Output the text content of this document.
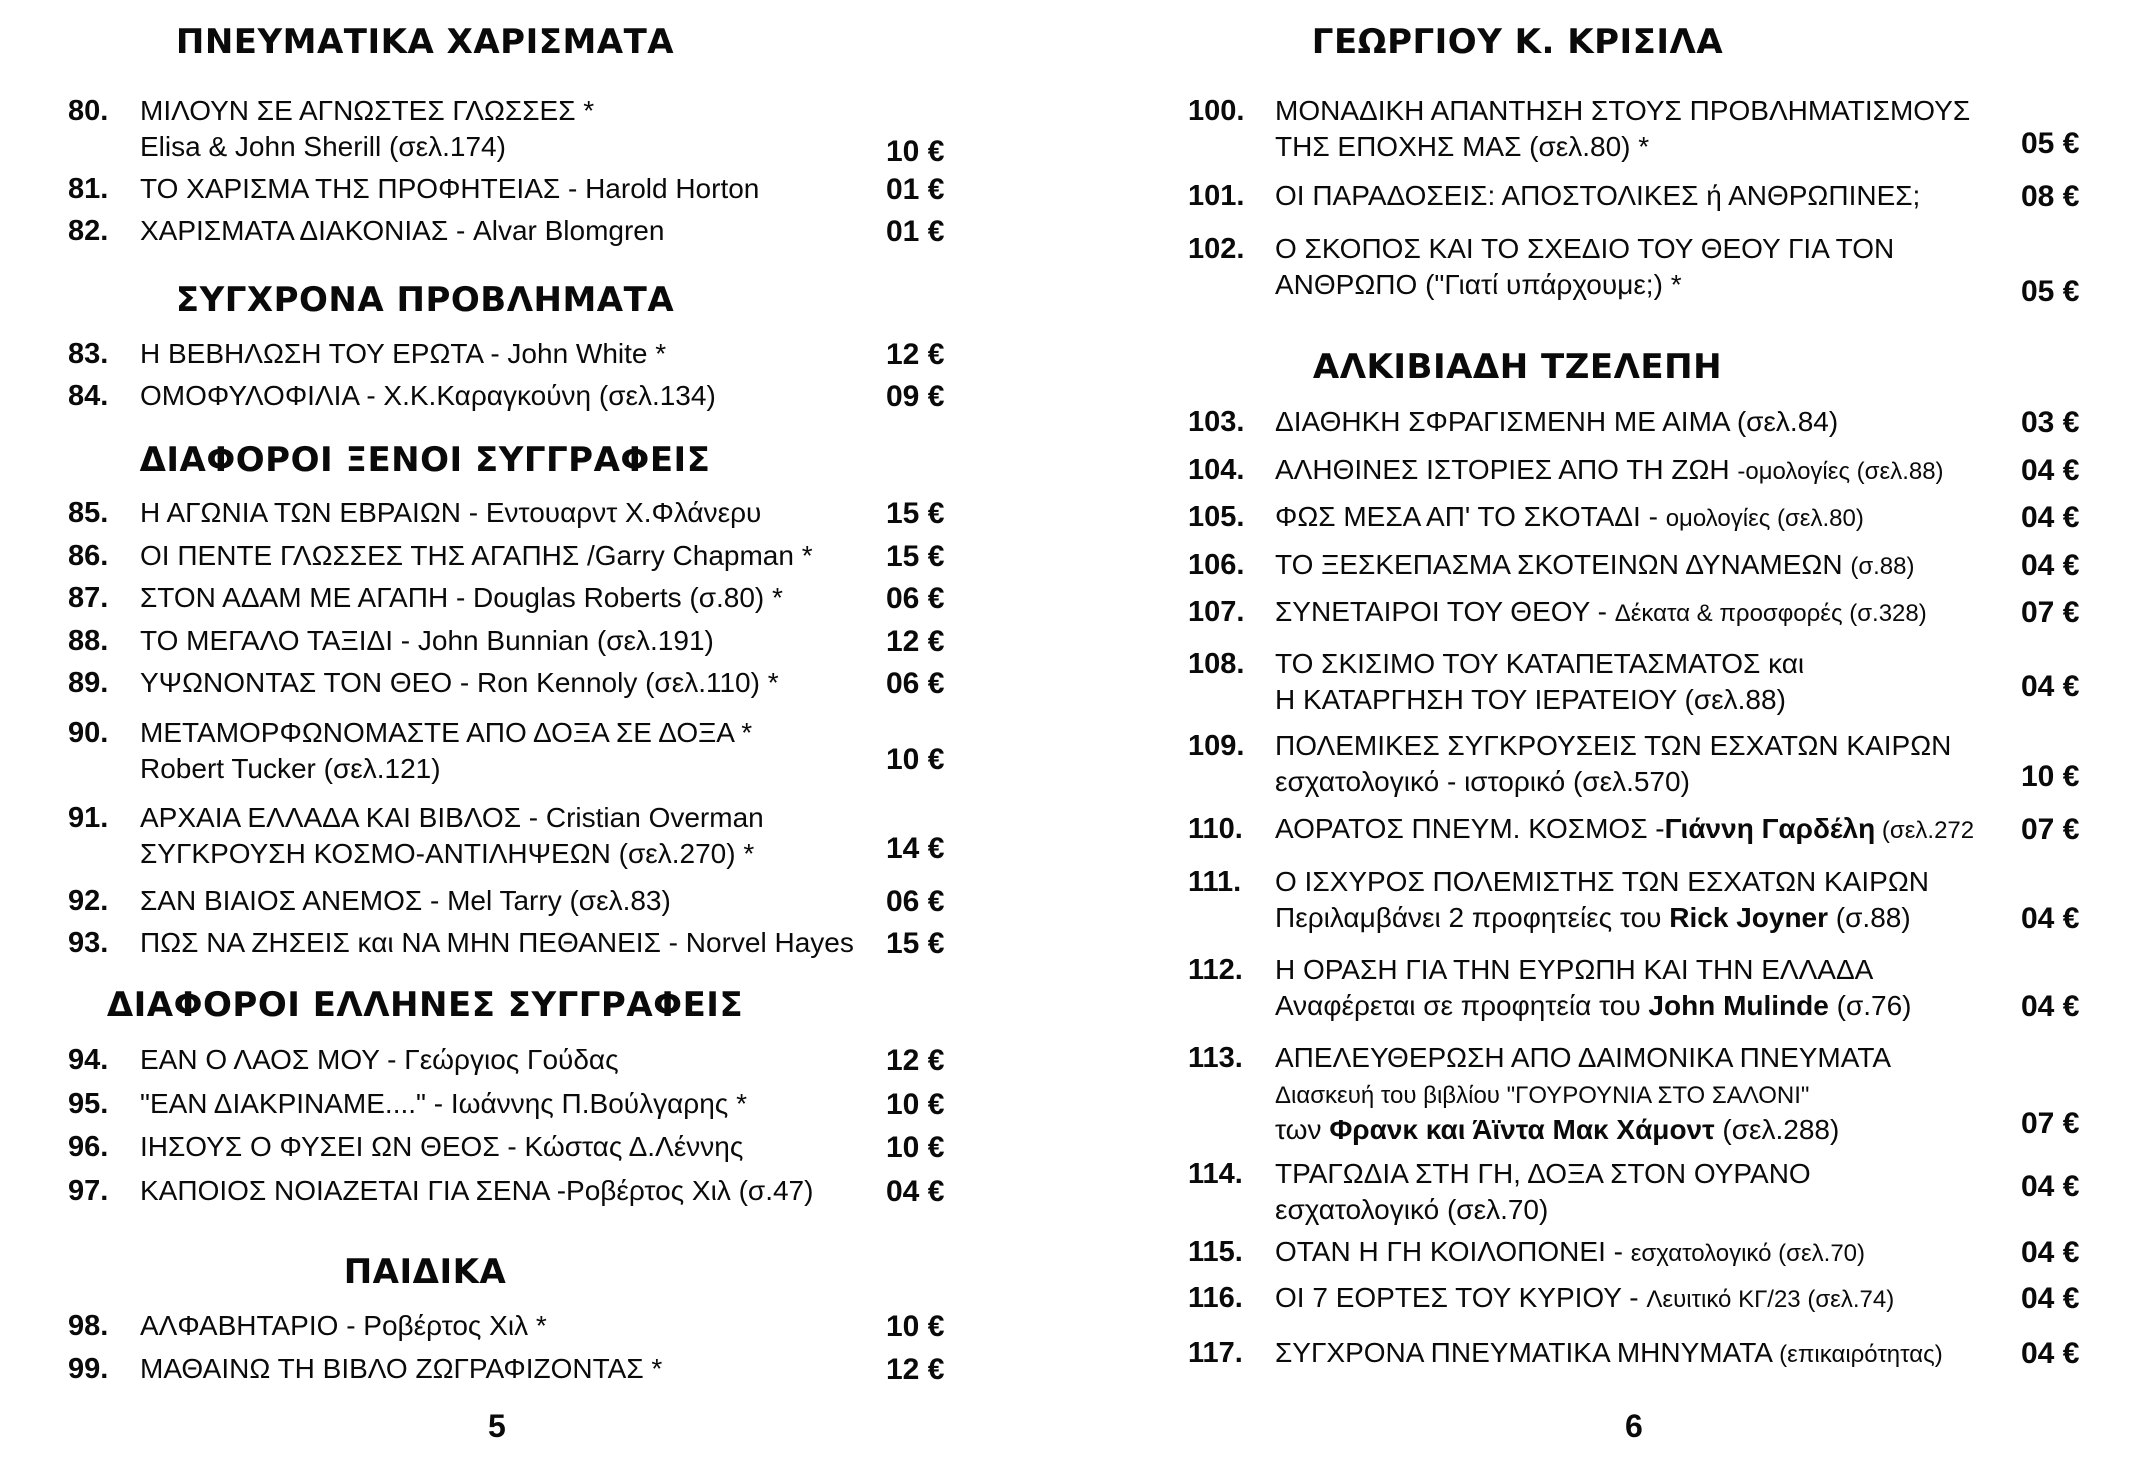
ΠΝΕΥΜΑΤΙΚΑ ΧΑΡΙΣΜΑΤΑ
ΣΥΓΧΡΟΝΑ ΠΡΟΒΛΗΜΑΤΑ
ΔΙΑΦΟΡΟΙ ΞΕΝΟΙ ΣΥΓΓΡΑΦΕΙΣ
ΔΙΑΦΟΡΟΙ ΕΛΛΗΝΕΣ ΣΥΓΓΡΑΦΕΙΣ
ΠΑΙΔΙΚΑ
80. ΜΙΛΟΥΝ ΣΕ ΑΓΝΩΣΤΕΣ ΓΛΩΣΣΕΣ *
Elisa & John Sherill (σελ.174)	10 €
81. ΤΟ ΧΑΡΙΣΜΑ ΤΗΣ ΠΡΟΦΗΤΕΙΑΣ - Harold Horton	01 €
82. ΧΑΡΙΣΜΑΤΑ ΔΙΑΚΟΝΙΑΣ - Alvar Blomgren	01 €
83. Η ΒΕΒΗΛΩΣΗ ΤΟΥ ΕΡΩΤΑ - John White *	12 €
84. ΟΜΟΦΥΛΟΦΙΛΙΑ - Χ.Κ.Καραγκούνη (σελ.134)	09 €
85. Η ΑΓΩΝΙΑ ΤΩΝ ΕΒΡΑΙΩΝ - Εντουαρντ Χ.Φλάνερυ	15 €
86. ΟΙ ΠΕΝΤΕ ΓΛΩΣΣΕΣ ΤΗΣ ΑΓΑΠΗΣ /Garry Chapman * 15 €
87. ΣΤΟΝ ΑΔΑΜ ΜΕ ΑΓΑΠΗ - Douglas Roberts (σ.80) *	06 €
88. ΤΟ ΜΕΓΑΛΟ ΤΑΞΙΔΙ - John Bunnian (σελ.191)	12 €
89. ΥΨΩΝΟΝΤΑΣ ΤΟΝ ΘΕΟ - Ron Kennoly (σελ.110) *	06 €
90. ΜΕΤΑΜΟΡΦΩΝΟΜΑΣΤΕ ΑΠΟ ΔΟΞΑ ΣΕ ΔΟΞΑ *
Robert Tucker (σελ.121)	10 €
91. ΑΡΧΑΙΑ ΕΛΛΑΔΑ ΚΑΙ ΒΙΒΛΟΣ - Cristian Overman
ΣΥΓΚΡΟΥΣΗ ΚΟΣΜΟ-ΑΝΤΙΛΗΨΕΩΝ (σελ.270) *	14 €
92. ΣΑΝ ΒΙΑΙΟΣ ΑΝΕΜΟΣ - Mel Tarry (σελ.83)	06 €
93. ΠΩΣ ΝΑ ΖΗΣΕΙΣ και ΝΑ ΜΗΝ ΠΕΘΑΝΕΙΣ - Norvel Hayes 15 €
94. ΕΑΝ Ο ΛΑΟΣ ΜΟΥ - Γεώργιος Γούδας	12 €
95. "ΕΑΝ ΔΙΑΚΡΙΝΑΜΕ...." - Ιωάννης Π.Βούλγαρης *	10 €
96. ΙΗΣΟΥΣ Ο ΦΥΣΕΙ ΩΝ ΘΕΟΣ - Κώστας Δ.Λέννης	10 €
97. ΚΑΠΟΙΟΣ ΝΟΙΑΖΕΤΑΙ ΓΙΑ ΣΕΝΑ -Ροβέρτος Χιλ (σ.47) 04 €
98. ΑΛΦΑΒΗΤΑΡΙΟ - Ροβέρτος Χιλ *	10 €
99. ΜΑΘΑΙΝΩ ΤΗ ΒΙΒΛΟ ΖΩΓΡΑΦΙΖΟΝΤΑΣ *	12 €
5
ΓΕΩΡΓΙΟΥ Κ. ΚΡΙΣΙΛΑ
ΑΛΚΙΒΙΑΔΗ ΤΖΕΛΕΠΗ
100. ΜΟΝΑΔΙΚΗ ΑΠΑΝΤΗΣΗ ΣΤΟΥΣ ΠΡΟΒΛΗΜΑΤΙΣΜΟΥΣ
ΤΗΣ ΕΠΟΧΗΣ ΜΑΣ (σελ.80) *	05 €
101. ΟΙ ΠΑΡΑΔΟΣΕΙΣ: ΑΠΟΣΤΟΛΙΚΕΣ ή ΑΝΘΡΩΠΙΝΕΣ;	08 €
102. Ο ΣΚΟΠΟΣ ΚΑΙ ΤΟ ΣΧΕΔΙΟ ΤΟΥ ΘΕΟΥ ΓΙΑ ΤΟΝ
ΑΝΘΡΩΠΟ ("Γιατί υπάρχουμε;) *	05 €
103. ΔΙΑΘΗΚΗ ΣΦΡΑΓΙΣΜΕΝΗ ΜΕ ΑΙΜΑ (σελ.84)	03 €
104. ΑΛΗΘΙΝΕΣ ΙΣΤΟΡΙΕΣ ΑΠΟ ΤΗ ΖΩΗ -ομολογίες (σελ.88)	04 €
105. ΦΩΣ ΜΕΣΑ ΑΠ' ΤΟ ΣΚΟΤΑΔΙ - ομολογίες (σελ.80)	04 €
106. ΤΟ ΞΕΣΚΕΠΑΣΜΑ ΣΚΟΤΕΙΝΩΝ ΔΥΝΑΜΕΩΝ (σ.88)	04 €
107. ΣΥΝΕΤΑΙΡΟΙ ΤΟΥ ΘΕΟΥ - Δέκατα & προσφορές (σ.328)	07 €
108. ΤΟ ΣΚΙΣΙΜΟ ΤΟΥ ΚΑΤΑΠΕΤΑΣΜΑΤΟΣ και
Η ΚΑΤΑΡΓΗΣΗ ΤΟΥ ΙΕΡΑΤΕΙΟΥ (σελ.88)	04 €
109. ΠΟΛΕΜΙΚΕΣ ΣΥΓΚΡΟΥΣΕΙΣ ΤΩΝ ΕΣΧΑΤΩΝ ΚΑΙΡΩΝ
εσχατολογικό - ιστορικό (σελ.570)	10 €
110. ΑΟΡΑΤΟΣ ΠΝΕΥΜ. ΚΟΣΜΟΣ -Γιάννη Γαρδέλη (σελ.272 07 €
111. Ο ΙΣΧΥΡΟΣ ΠΟΛΕΜΙΣΤΗΣ ΤΩΝ ΕΣΧΑΤΩΝ ΚΑΙΡΩΝ
Περιλαμβάνει 2 προφητείες του Rick Joyner (σ.88)	04 €
112. Η ΟΡΑΣΗ ΓΙΑ ΤΗΝ ΕΥΡΩΠΗ ΚΑΙ ΤΗΝ ΕΛΛΑΔΑ
Αναφέρεται σε προφητεία του John Mulinde (σ.76)	04 €
113. ΑΠΕΛΕΥΘΕΡΩΣΗ ΑΠΟ ΔΑΙΜΟΝΙΚΑ ΠΝΕΥΜΑΤΑ
Διασκευή του βιβλίου "ΓΟΥΡΟΥΝΙΑ ΣΤΟ ΣΑΛΟΝΙ"
των Φρανκ και Άϊντα Μακ Χάμοντ (σελ.288)	07 €
114. ΤΡΑΓΩΔΙΑ ΣΤΗ ΓΗ, ΔΟΞΑ ΣΤΟΝ ΟΥΡΑΝΟ
εσχατολογικό (σελ.70)
04 €
115. ΟΤΑΝ Η ΓΗ ΚΟΙΛΟΠΟΝΕΙ - εσχατολογικό (σελ.70)	04 €
116. ΟΙ 7 ΕΟΡΤΕΣ ΤΟΥ ΚΥΡΙΟΥ - Λευιτικό ΚΓ/23 (σελ.74)	04 €
117. ΣΥΓΧΡΟΝΑ ΠΝΕΥΜΑΤΙΚΑ ΜΗΝΥΜΑΤΑ (επικαιρότητας)	04 €
6
